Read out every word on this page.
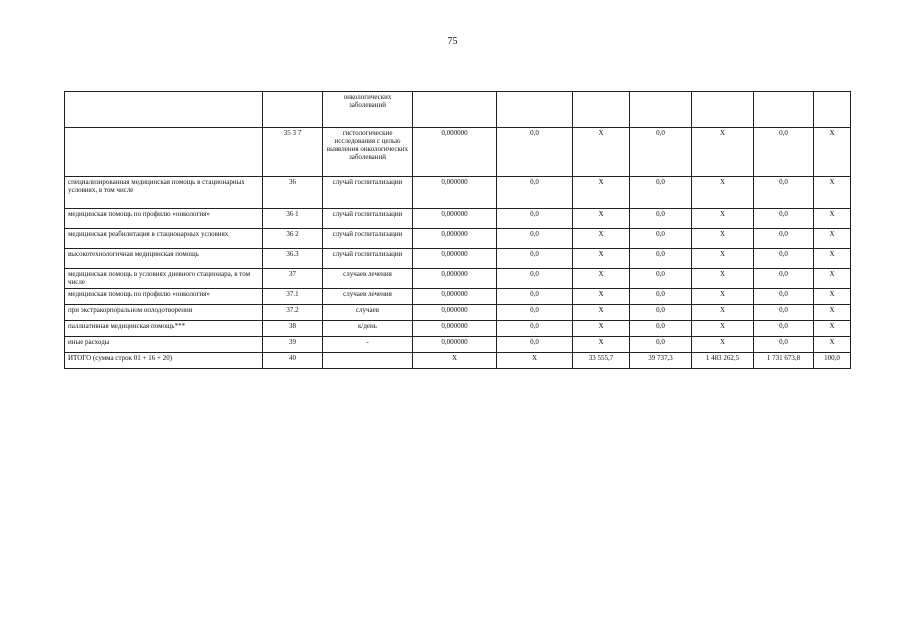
75
		онкологических заболеваний							
	35 3 7	гистологические исследования с целью выявления онкологических заболеваний	0,000000	0,0	Х	0,0	Х	0,0	Х
специализированная медицинская помощь в стационарных условиях, в том числе	36	случай госпитализации	0,000000	0,0	Х	0,0	Х	0,0	Х
медицинская помощь по профилю «онкология»	36 1	случай госпитализации	0,000000	0,0	Х	0,0	Х	0,0	Х
медицинская реабилитация в стационарных условиях	36 2	случай госпитализации	0,000000	0,0	Х	0,0	Х	0,0	Х
высокотехнологичная медицинская помощь	36.3	случай госпитализации	0,000000	0,0	Х	0,0	Х	0,0	Х
медицинская помощь в условиях дневного стационара, в том числе	37	случаев лечения	0,000000	0,0	Х	0,0	Х	0,0	Х
медицинская помощь по профилю «онкология»	37.1	случаев лечения	0,000000	0,0	Х	0,0	Х	0,0	Х
при экстракорпоральном оплодотворении	37.2	случаев	0,000000	0,0	Х	0,0	Х	0,0	Х
паллиативная медицинская помощь***	38	к/день	0,000000	0,0	Х	0,0	Х	0,0	Х
иные расходы	39	-	0,000000	0,0	Х	0,0	Х	0,0	Х
ИТОГО (сумма строк 01 + 16 + 20)	40		Х	Х	33 555,7	39 737,3	1 483 262,5	1 731 673,8	100,0
